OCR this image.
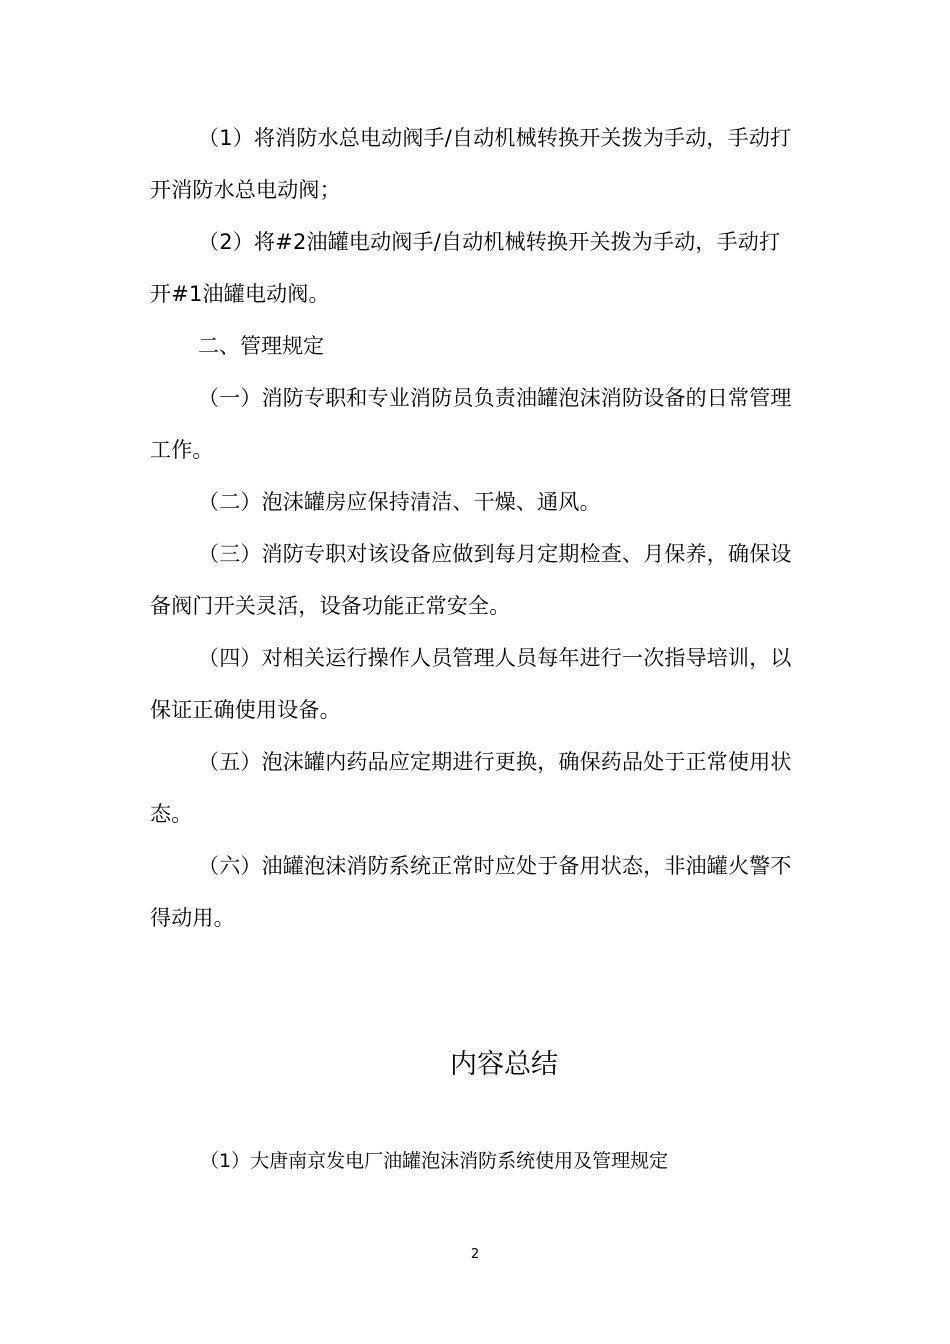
（1）将消防水总电动阀手/自动机械转换开关拨为手动，手动打开消防水总电动阀；

（2）将#2油罐电动阀手/自动机械转换开关拨为手动，手动打开#1油罐电动阀。

二、管理规定

（一）消防专职和专业消防员负责油罐泡沫消防设备的日常管理工作。

（二）泡沫罐房应保持清洁、干燥、通风。

（三）消防专职对该设备应做到每月定期检查、月保养，确保设备阀门开关灵活，设备功能正常安全。

（四）对相关运行操作人员管理人员每年进行一次指导培训，以保证正确使用设备。

（五）泡沫罐内药品应定期进行更换，确保药品处于正常使用状态。

（六）油罐泡沫消防系统正常时应处于备用状态，非油罐火警不得动用。

内容总结

（1）大唐南京发电厂油罐泡沫消防系统使用及管理规定

2
